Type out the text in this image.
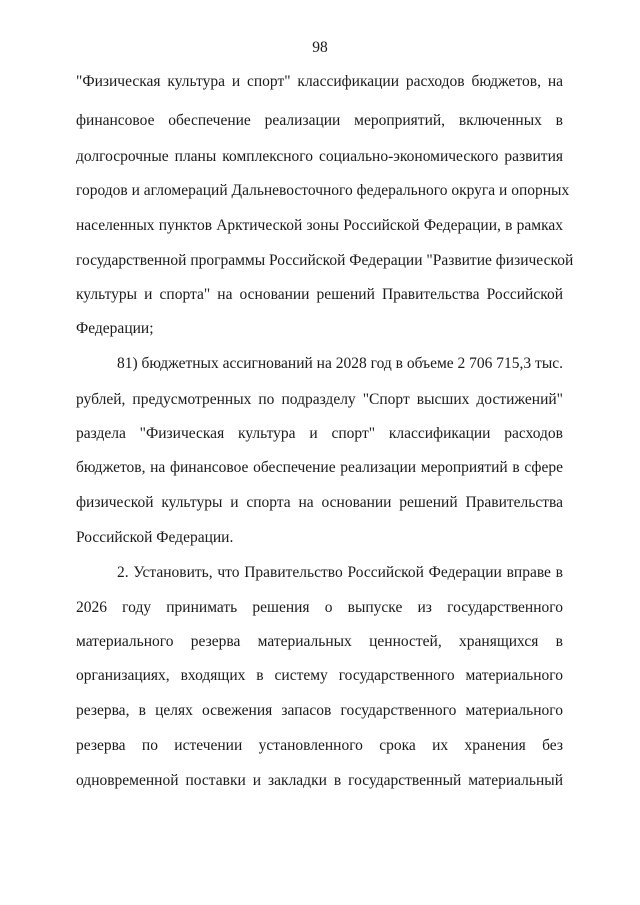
98
"Физическая культура и спорт" классификации расходов бюджетов, на
финансовое обеспечение реализации мероприятий, включенных в
долгосрочные планы комплексного социально-экономического развития
городов и агломераций Дальневосточного федерального округа и опорных
населенных пунктов Арктической зоны Российской Федерации, в рамках
государственной программы Российской Федерации "Развитие физической
культуры и спорта" на основании решений Правительства Российской
Федерации;
81) бюджетных ассигнований на 2028 год в объеме 2 706 715,3 тыс.
рублей, предусмотренных по подразделу "Спорт высших достижений"
раздела "Физическая культура и спорт" классификации расходов
бюджетов, на финансовое обеспечение реализации мероприятий в сфере
физической культуры и спорта на основании решений Правительства
Российской Федерации.
2. Установить, что Правительство Российской Федерации вправе в
2026 году принимать решения о выпуске из государственного
материального резерва материальных ценностей, хранящихся в
организациях, входящих в систему государственного материального
резерва, в целях освежения запасов государственного материального
резерва по истечении установленного срока их хранения без
одновременной поставки и закладки в государственный материальный
